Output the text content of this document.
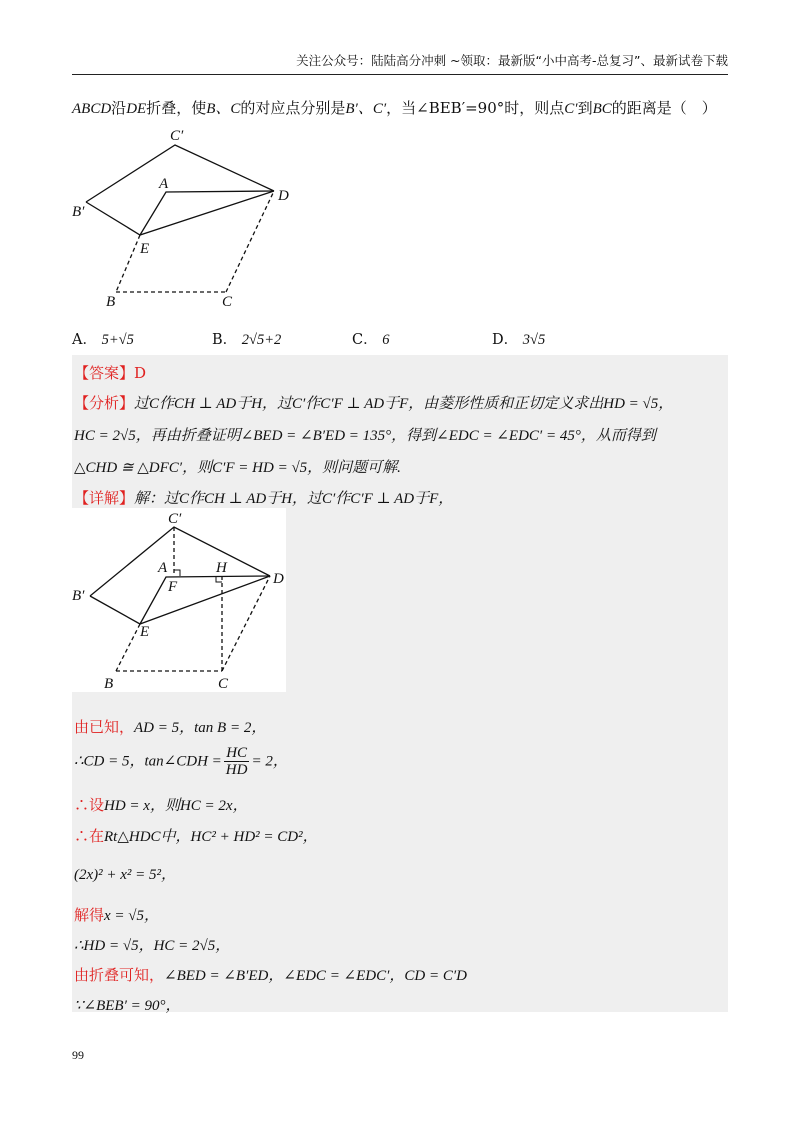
关注公众号：陆陆高分冲刺 ~领取：最新版“小中高考-总复习”、最新试卷下载
ABCD沿DE折叠，使B、C的对应点分别是B′、C′，当∠BEB′=90°时，则点C′到BC的距离是（　）
C′
A
D
B′
E
B	C
A． 5+√5	B． 2√5+2	C． 6	D． 3√5
【答案】D
【分析】过C作CH ⊥ AD于H，过C′作C′F ⊥ AD于F，由菱形性质和正切定义求出HD = √5，
HC = 2√5，再由折叠证明∠BED = ∠B′ED = 135°，得到∠EDC = ∠EDC′ = 45°，从而得到
△CHD ≅ △DFC′，则C′F = HD = √5，则问题可解.
【详解】解：过C作CH ⊥ AD于H，过C′作C′F ⊥ AD于F，
C′
A	H
D
F
B′
E
B	C
由已知，AD = 5，tan B = 2，
∴CD = 5，tan∠CDH = $\frac{HC}{HD} = 2$，
∴设HD = x，则HC = 2x，
∴在Rt△HDC中，HC² + HD² = CD²，
(2x)² + x² = 5²，
解得x = √5，
∴HD = √5，HC = 2√5，
由折叠可知，∠BED = ∠B′ED，∠EDC = ∠EDC′，CD = C′D
∵∠BEB′ = 90°，
99
